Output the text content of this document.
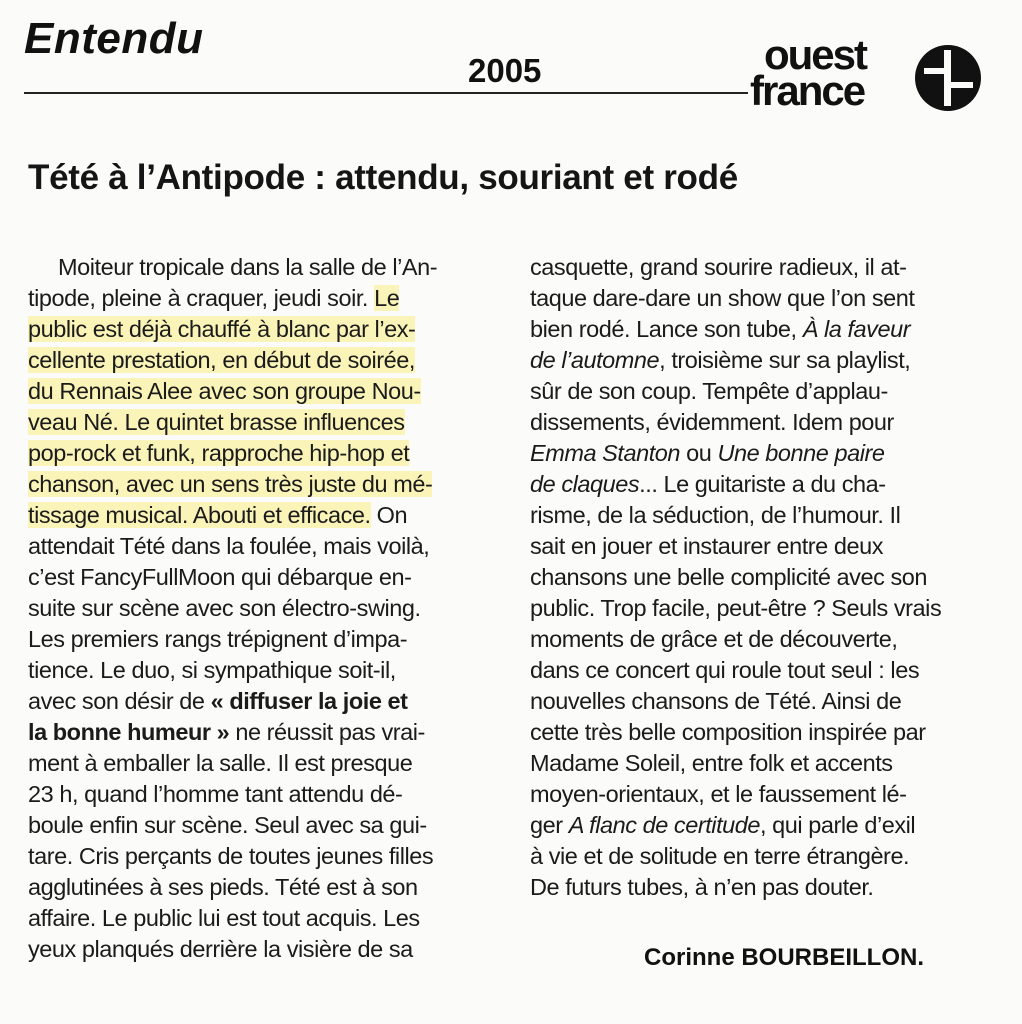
Entendu
2005	ouest
france
Tété à l’Antipode : attendu, souriant et rodé
Moiteur tropicale dans la salle de l’An-
tipode, pleine à craquer, jeudi soir. Le
public est déjà chauffé à blanc par l’ex-
cellente prestation, en début de soirée,
du Rennais Alee avec son groupe Nou-
veau Né. Le quintet brasse influences
pop-rock et funk, rapproche hip-hop et
chanson, avec un sens très juste du mé-
tissage musical. Abouti et efficace. On
attendait Tété dans la foulée, mais voilà,
c’est FancyFullMoon qui débarque en-
suite sur scène avec son électro-swing.
Les premiers rangs trépignent d’impa-
tience. Le duo, si sympathique soit-il,
avec son désir de « diffuser la joie et
la bonne humeur » ne réussit pas vrai-
ment à emballer la salle. Il est presque
23 h, quand l’homme tant attendu dé-
boule enfin sur scène. Seul avec sa gui-
tare. Cris perçants de toutes jeunes filles
agglutinées à ses pieds. Tété est à son
affaire. Le public lui est tout acquis. Les
yeux planqués derrière la visière de sa
casquette, grand sourire radieux, il at-
taque dare-dare un show que l’on sent
bien rodé. Lance son tube, À la faveur
de l’automne, troisième sur sa playlist,
sûr de son coup. Tempête d’applau-
dissements, évidemment. Idem pour
Emma Stanton ou Une bonne paire
de claques... Le guitariste a du cha-
risme, de la séduction, de l’humour. Il
sait en jouer et instaurer entre deux
chansons une belle complicité avec son
public. Trop facile, peut-être ? Seuls vrais
moments de grâce et de découverte,
dans ce concert qui roule tout seul : les
nouvelles chansons de Tété. Ainsi de
cette très belle composition inspirée par
Madame Soleil, entre folk et accents
moyen-orientaux, et le faussement lé-
ger A flanc de certitude, qui parle d’exil
à vie et de solitude en terre étrangère.
De futurs tubes, à n’en pas douter.
Corinne BOURBEILLON.
